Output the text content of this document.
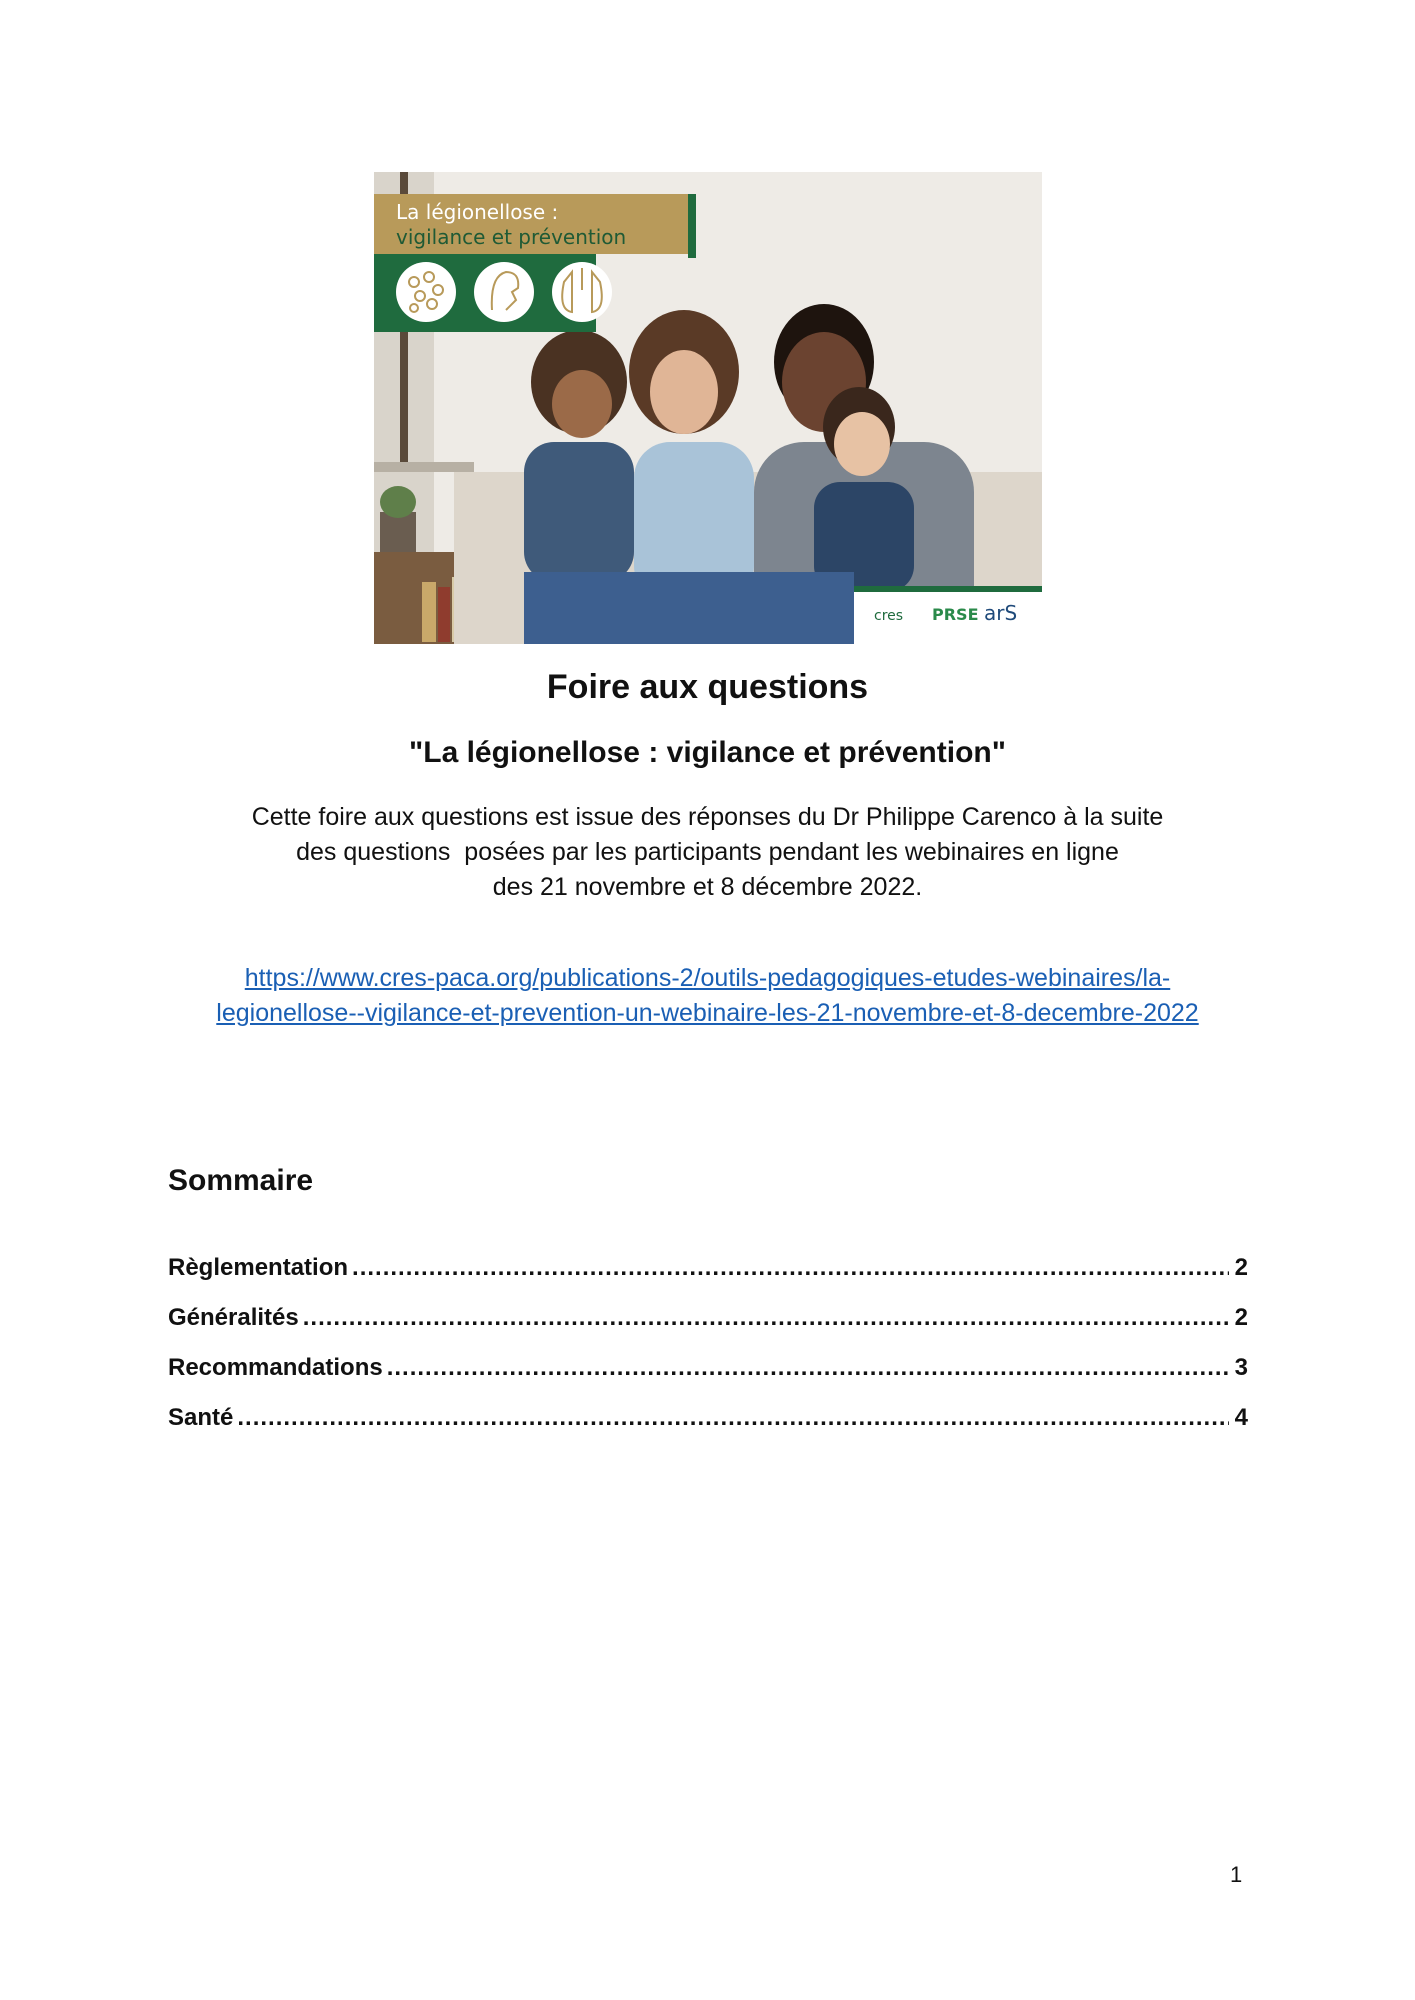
La légionellose :
vigilance et prévention
cres PRSE arS
Foire aux questions
"La légionellose : vigilance et prévention"
Cette foire aux questions est issue des réponses du Dr Philippe Carenco à la suite
des questions  posées par les participants pendant les webinaires en ligne
des 21 novembre et 8 décembre 2022.
https://www.cres-paca.org/publications-2/outils-pedagogiques-etudes-webinaires/la-
legionellose--vigilance-et-prevention-un-webinaire-les-21-novembre-et-8-decembre-2022
Sommaire
Règlementation .....	2
Généralités .....	2
Recommandations .....	3
Santé .....	4
1
